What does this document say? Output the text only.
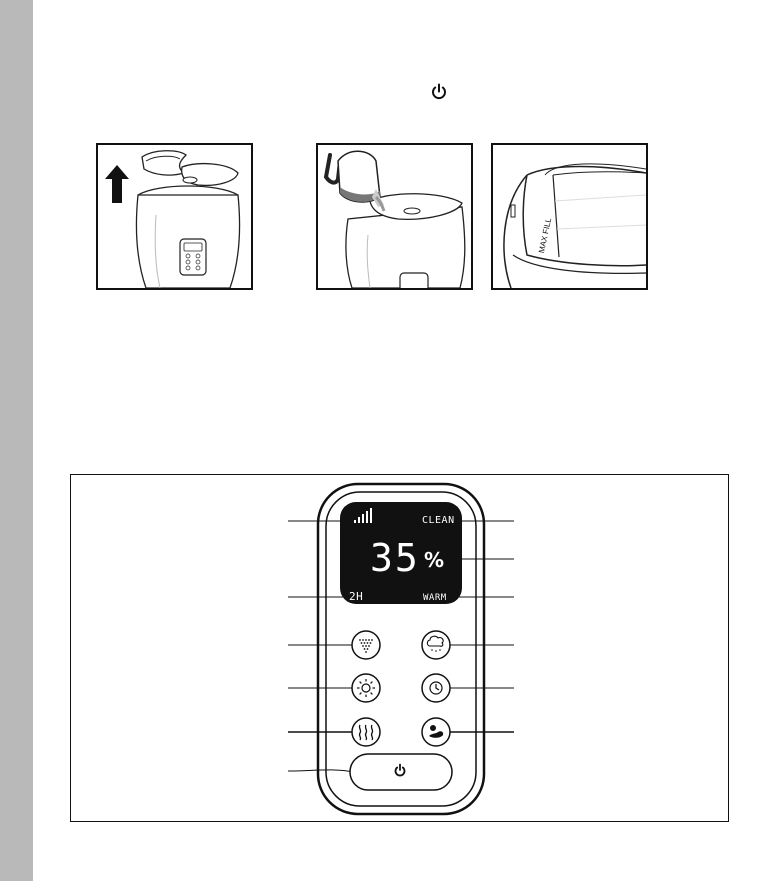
MAX FILL
CLEAN
35 %
2H	WARM
